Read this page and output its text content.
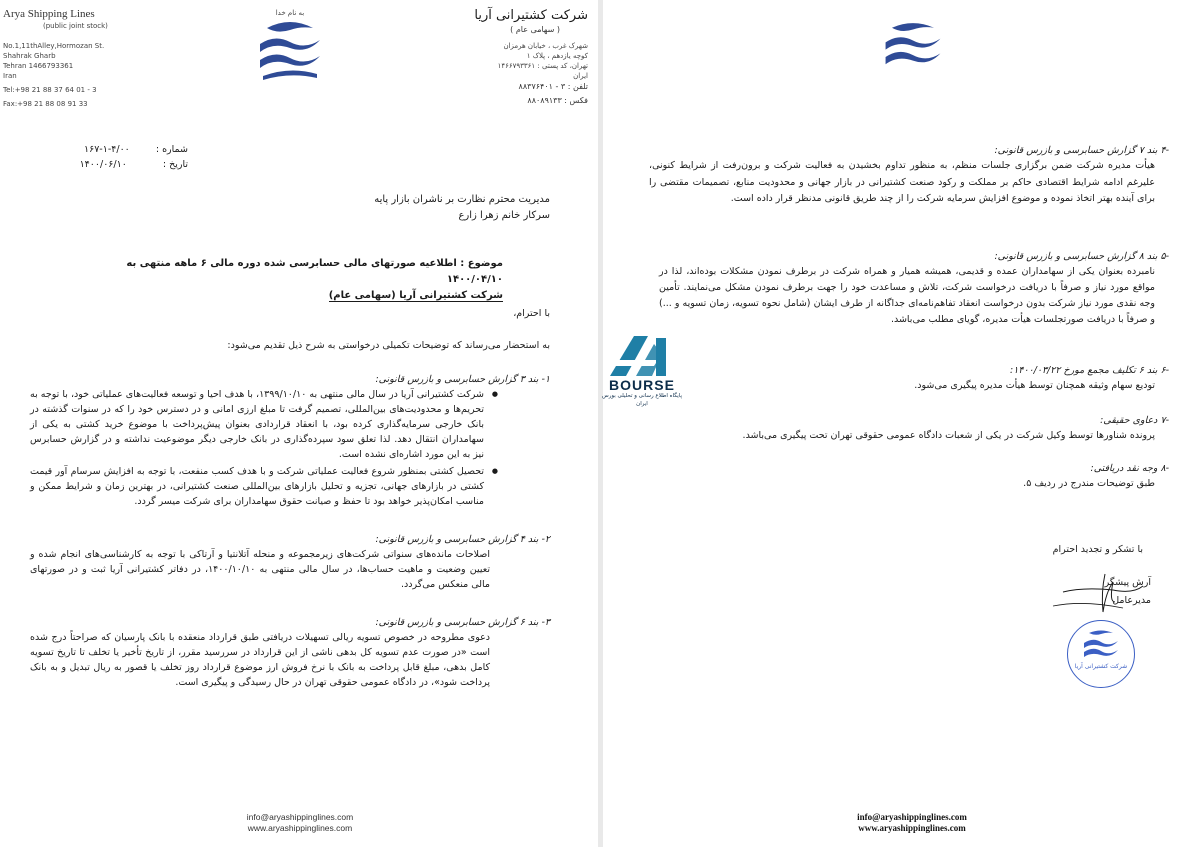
Arya Shipping Lines
(public joint stock)
No.1,11thAlley,Hormozan St.
Shahrak Gharb
Tehran 1466793361
Iran
Tel:+98 21 88 37 64 01 - 3
Fax:+98 21 88 08 91 33
به نام خدا	شرکت کشتیرانی آریا
( سهامی عام )
شهرک غرب ، خیابان هرمزان
کوچه یازدهم ، پلاک ۱
تهران، کد پستی : ۱۴۶۶۷۹۳۳۶۱
ایران
تلفن : ۳ - ۸۸۳۷۶۴۰۱
فکس : ۸۸۰۸۹۱۳۳
شماره :  ۴/۰۰-۱-۱۶۷
تاریخ :  ۱۴۰۰/۰۶/۱۰
مدیریت محترم نظارت بر ناشران بازار پایه
سرکار خانم زهرا زارع
موضوع : اطلاعیه صورتهای مالی حسابرسی شده دوره مالی ۶ ماهه منتهی به ۱۴۰۰/۰۴/۱۰
شرکت کشتیرانی آریا (سهامی عام)
با احترام،
به استحضار می‌رساند که توضیحات تکمیلی درخواستی به شرح ذیل تقدیم می‌شود:
۱- بند ۳ گزارش حسابرسی و بازرس قانونی:
● شرکت کشتیرانی آریا در سال مالی منتهی به ۱۳۹۹/۱۰/۱۰، با هدف احیا و توسعه فعالیت‌های عملیاتی خود، با توجه به تحریم‌ها و محدودیت‌های بین‌المللی، تصمیم گرفت تا مبلغ ارزی امانی و در دسترس خود را که در سنوات گذشته در بانک خارجی سرمایه‌گذاری کرده بود، با انعقاد قراردادی بعنوان پیش‌پرداخت با موضوع خرید کشتی به یکی از سهامداران انتقال دهد. لذا تعلق سود سپرده‌گذاری در بانک خارجی دیگر موضوعیت نداشته و در گزارش حسابرس نیز به این مورد اشاره‌ای نشده است.
● تحصیل کشتی بمنظور شروع فعالیت عملیاتی شرکت و با هدف کسب منفعت، با توجه به افزایش سرسام آور قیمت کشتی در بازارهای جهانی، تجزیه و تحلیل بازارهای بین‌المللی صنعت کشتیرانی، در بهترین زمان و شرایط ممکن و مناسب امکان‌پذیر خواهد بود تا حفظ و صیانت حقوق سهامداران برای شرکت میسر گردد.
۲- بند ۴ گزارش حسابرسی و بازرس قانونی:
اصلاحات مانده‌های سنواتی شرکت‌های زیرمجموعه و منحله آتلانتیا و آرتاکی با توجه به کارشناسی‌های انجام شده و تعیین وضعیت و ماهیت حساب‌ها، در سال مالی منتهی به ۱۴۰۰/۱۰/۱۰، در دفاتر کشتیرانی آریا ثبت و در صورتهای مالی منعکس می‌گردد.
۳- بند ۶ گزارش حسابرسی و بازرس قانونی:
دعوی مطروحه در خصوص تسویه ریالی تسهیلات دریافتی طبق قرارداد منعقده با بانک پارسیان که صراحتاً درج شده است «در صورت عدم تسویه کل بدهی ناشی از این قرارداد در سررسید مقرر، از تاریخ تأخیر یا تخلف تا تاریخ تسویه کامل بدهی، مبلغ قابل پرداخت به بانک با نرخ فروش ارز موضوع قرارداد روز تخلف یا قصور به ریال تبدیل و به بانک پرداخت شود»، در دادگاه عمومی حقوقی تهران در حال رسیدگی و پیگیری است.
info@aryashippinglines.com
www.aryashippinglines.com
-۴ بند ۷ گزارش حسابرسی و بازرس قانونی:
هیأت مدیره شرکت ضمن برگزاری جلسات منظم، به منظور تداوم بخشیدن به فعالیت شرکت و برون‌رفت از شرایط کنونی، علیرغم ادامه شرایط اقتصادی حاکم بر مملکت و رکود صنعت کشتیرانی در بازار جهانی و محدودیت منابع، تصمیمات مقتضی را برای آینده بهتر اتخاذ نموده و موضوع افزایش سرمایه شرکت را از چند طریق قانونی مدنظر قرار داده است.
-۵ بند ۸ گزارش حسابرسی و بازرس قانونی:
نامبرده بعنوان یکی از سهامداران عمده و قدیمی، همیشه همیار و همراه شرکت در برطرف نمودن مشکلات بوده‌اند، لذا در مواقع مورد نیاز و صرفاً با دریافت درخواست شرکت، تلاش و مساعدت خود را جهت برطرف نمودن مشکل می‌نمایند. تأمین وجه نقدی مورد نیاز شرکت بدون درخواست انعقاد تفاهم‌نامه‌ای جداگانه از طرف ایشان (شامل نحوه تسویه، زمان تسویه و ...) و صرفاً با دریافت صورتجلسات هیأت مدیره، گویای مطلب می‌باشد.
-۶ بند ۶ تکلیف مجمع مورخ ۱۴۰۰/۰۳/۲۲:
توديع سهام وثيقه همچنان توسط هيأت مديره پيگيرى مى‌شود.
-۷ دعاوی حقیقی:
پرونده شناورها توسط وکیل شرکت در یکی از شعبات دادگاه عمومی حقوقی تهران تحت پیگیری می‌باشد.
-۸ وجه نقد دریافتی:
طبق توضیحات مندرج در ردیف ۵.
با تشکر و تجدید احترام
آرش پیشگر
مدیرعامل
شرکت کشتیرانی آریا
info@aryashippinglines.com
www.aryashippinglines.com
BOURSE
پایگاه اطلاع رسانی و تحلیلی بورس ایران
